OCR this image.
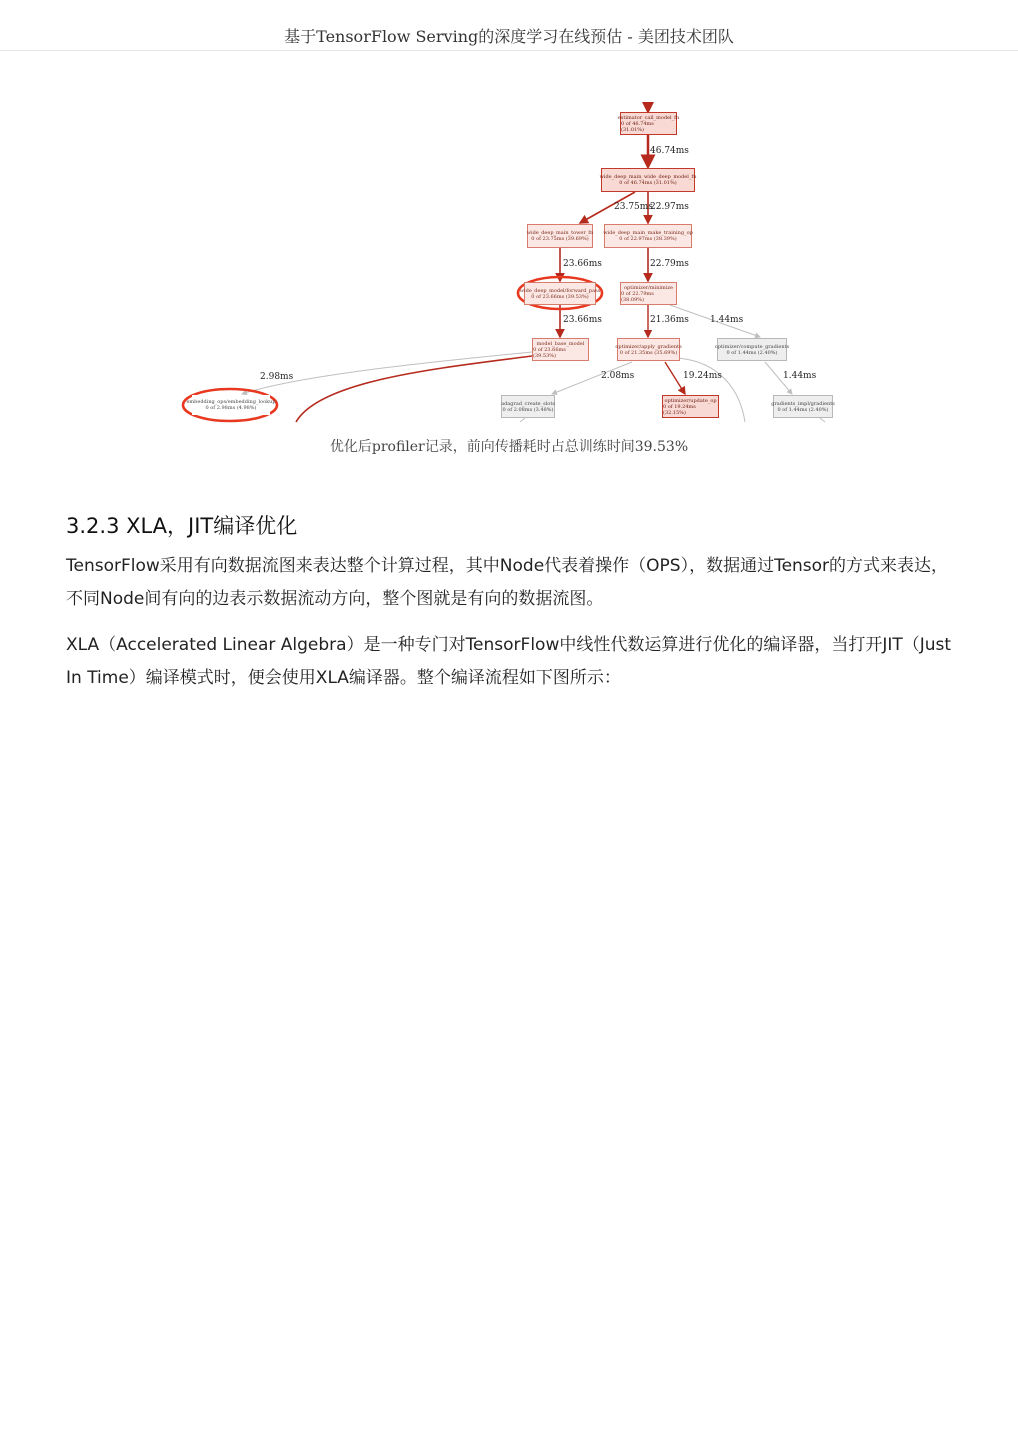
基于TensorFlow Serving的深度学习在线预估 - 美团技术团队
estimator_call_model_fn
0 of 46.74ms (31.01%)
wide_deep_main_wide_deep_model_fn
0 of 46.74ms (31.01%)
wide_deep_main_tower_fn
0 of 23.75ms (39.69%)
wide_deep_main_make_training_op
0 of 22.97ms (38.39%)
wide_deep_model/forward_pass
0 of 23.66ms (39.53%)
optimizer/minimize
0 of 22.79ms (38.09%)
model_base_model
0 of 23.66ms (39.53%)
optimizer/apply_gradients
0 of 21.35ms (35.69%)
optimizer/compute_gradients
0 of 1.44ms (2.40%)
embedding_ops/embedding_lookup
0 of 2.98ms (4.98%)
adagrad_create_slots
0 of 2.08ms (3.48%)
optimizer/update_op
0 of 19.24ms (32.15%)
gradients_impl/gradients
0 of 1.44ms (2.40%)
46.74ms
23.75ms
22.97ms
23.66ms	22.79ms
23.66ms	21.36ms 1.44ms
2.98ms	2.08ms	19.24ms	1.44ms
优化后profiler记录，前向传播耗时占总训练时间39.53%
3.2.3 XLA，JIT编译优化

TensorFlow采用有向数据流图来表达整个计算过程，其中Node代表着操作（OPS），数据通过Tensor的方式来表达，不同Node间有向的边表示数据流动方向，整个图就是有向的数据流图。

XLA（Accelerated Linear Algebra）是一种专门对TensorFlow中线性代数运算进行优化的编译器，当打开JIT（Just In Time）编译模式时，便会使用XLA编译器。整个编译流程如下图所示：
